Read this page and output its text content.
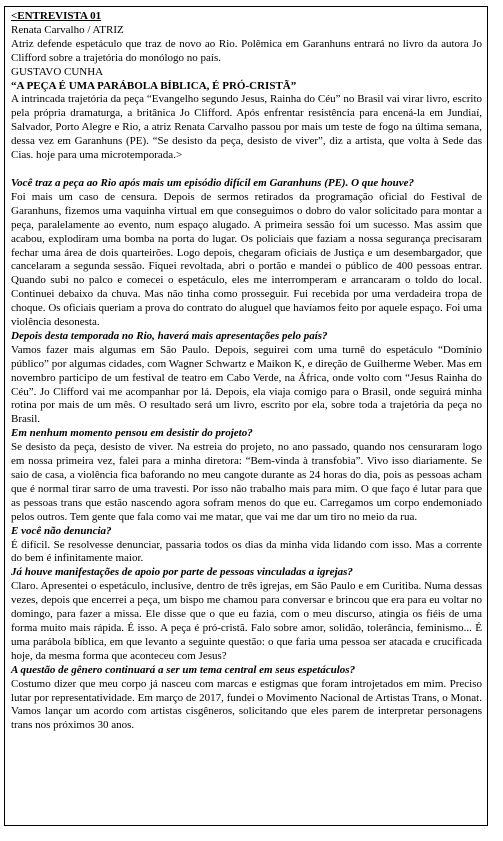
<ENTREVISTA 01

Renata Carvalho / ATRIZ

Atriz defende espetáculo que traz de novo ao Rio. Polêmica em Garanhuns entrará no livro da autora Jo Clifford sobre a trajetória do monólogo no país.

GUSTAVO CUNHA

“A PEÇA É UMA PARÁBOLA BÍBLICA, É PRÓ-CRISTÃ”

A intrincada trajetória da peça “Evangelho segundo Jesus, Rainha do Céu” no Brasil vai virar livro, escrito pela própria dramaturga, a britânica Jo Clifford. Após enfrentar resistência para encená-la em Jundiaí, Salvador, Porto Alegre e Rio, a atriz Renata Carvalho passou por mais um teste de fogo na última semana, dessa vez em Garanhuns (PE). “Se desisto da peça, desisto de viver”, diz a artista, que volta à Sede das Cias. hoje para uma microtemporada.>

Você traz a peça ao Rio após mais um episódio difícil em Garanhuns (PE). O que houve?

Foi mais um caso de censura. Depois de sermos retirados da programação oficial do Festival de Garanhuns, fizemos uma vaquinha virtual em que conseguimos o dobro do valor solicitado para montar a peça, paralelamente ao evento, num espaço alugado. A primeira sessão foi um sucesso. Mas assim que acabou, explodiram uma bomba na porta do lugar. Os policiais que faziam a nossa segurança precisaram fechar uma área de dois quarteirões. Logo depois, chegaram oficiais de Justiça e um desembargador, que cancelaram a segunda sessão. Fiquei revoltada, abri o portão e mandei o público de 400 pessoas entrar. Quando subi no palco e comecei o espetáculo, eles me interromperam e arrancaram o toldo do local. Continuei debaixo da chuva. Mas não tinha como prosseguir. Fui recebida por uma verdadeira tropa de choque. Os oficiais queriam a prova do contrato do aluguel que havíamos feito por aquele espaço. Foi uma violência desonesta.

Depois desta temporada no Rio, haverá mais apresentações pelo país?

Vamos fazer mais algumas em São Paulo. Depois, seguirei com uma turnê do espetáculo “Domínio público” por algumas cidades, com Wagner Schwartz e Maikon K, e direção de Guilherme Weber. Mas em novembro participo de um festival de teatro em Cabo Verde, na África, onde volto com “Jesus Rainha do Céu”. Jo Clifford vai me acompanhar por lá. Depois, ela viaja comigo para o Brasil, onde seguirá minha rotina por mais de um mês. O resultado será um livro, escrito por ela, sobre toda a trajetória da peça no Brasil.

Em nenhum momento pensou em desistir do projeto?

Se desisto da peça, desisto de viver. Na estreia do projeto, no ano passado, quando nos censuraram logo em nossa primeira vez, falei para a minha diretora: “Bem-vinda à transfobia”. Vivo isso diariamente. Se saio de casa, a violência fica baforando no meu cangote durante as 24 horas do dia, pois as pessoas acham que é normal tirar sarro de uma travesti. Por isso não trabalho mais para mim. O que faço é lutar para que as pessoas trans que estão nascendo agora sofram menos do que eu. Carregamos um corpo endemoniado pelos outros. Tem gente que fala como vai me matar, que vai me dar um tiro no meio da rua.

E você não denuncia?

É difícil. Se resolvesse denunciar, passaria todos os dias da minha vida lidando com isso. Mas a corrente do bem é infinitamente maior.

Já houve manifestações de apoio por parte de pessoas vinculadas a igrejas?

Claro. Apresentei o espetáculo, inclusive, dentro de três igrejas, em São Paulo e em Curitiba. Numa dessas vezes, depois que encerrei a peça, um bispo me chamou para conversar e brincou que era para eu voltar no domingo, para fazer a missa. Ele disse que o que eu fazia, com o meu discurso, atingia os fiéis de uma forma muito mais rápida. É isso. A peça é pró-cristã. Falo sobre amor, solidão, tolerância, feminismo... É uma parábola bíblica, em que levanto a seguinte questão: o que faria uma pessoa ser atacada e crucificada hoje, da mesma forma que aconteceu com Jesus?

A questão de gênero continuará a ser um tema central em seus espetáculos?

Costumo dizer que meu corpo já nasceu com marcas e estigmas que foram introjetados em mim. Preciso lutar por representatividade. Em março de 2017, fundei o Movimento Nacional de Artistas Trans, o Monat. Vamos lançar um acordo com artistas cisgêneros, solicitando que eles parem de interpretar personagens trans nos próximos 30 anos.
